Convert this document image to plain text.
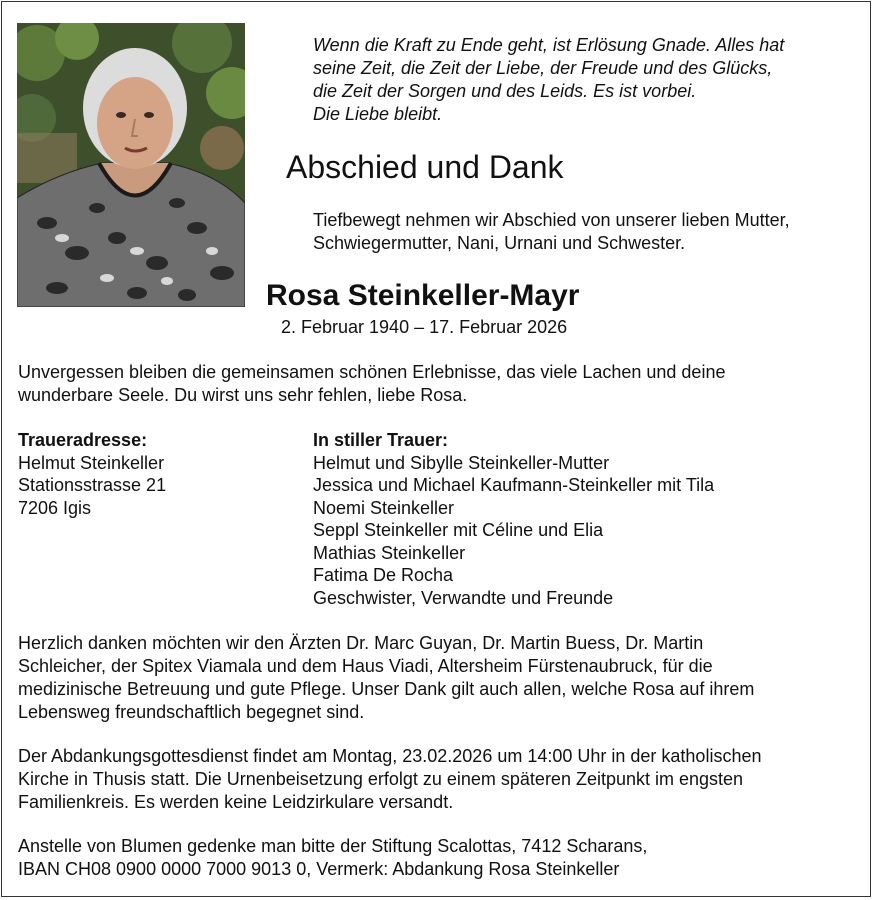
Wenn die Kraft zu Ende geht, ist Erlösung Gnade. Alles hat
seine Zeit, die Zeit der Liebe, der Freude und des Glücks,
die Zeit der Sorgen und des Leids. Es ist vorbei.
Die Liebe bleibt.
Abschied und Dank
Tiefbewegt nehmen wir Abschied von unserer lieben Mutter,
Schwiegermutter, Nani, Urnani und Schwester.
Rosa Steinkeller-Mayr
2. Februar 1940 – 17. Februar 2026
Unvergessen bleiben die gemeinsamen schönen Erlebnisse, das viele Lachen und deine
wunderbare Seele. Du wirst uns sehr fehlen, liebe Rosa.
Traueradresse:
Helmut Steinkeller
Stationsstrasse 21
7206 Igis
In stiller Trauer:
Helmut und Sibylle Steinkeller-Mutter
Jessica und Michael Kaufmann-Steinkeller mit Tila
Noemi Steinkeller
Seppl Steinkeller mit Céline und Elia
Mathias Steinkeller
Fatima De Rocha
Geschwister, Verwandte und Freunde
Herzlich danken möchten wir den Ärzten Dr. Marc Guyan, Dr. Martin Buess, Dr. Martin
Schleicher, der Spitex Viamala und dem Haus Viadi, Altersheim Fürstenaubruck, für die
medizinische Betreuung und gute Pflege. Unser Dank gilt auch allen, welche Rosa auf ihrem
Lebensweg freundschaftlich begegnet sind.
Der Abdankungsgottesdienst findet am Montag, 23.02.2026 um 14:00 Uhr in der katholischen
Kirche in Thusis statt. Die Urnenbeisetzung erfolgt zu einem späteren Zeitpunkt im engsten
Familienkreis. Es werden keine Leidzirkulare versandt.
Anstelle von Blumen gedenke man bitte der Stiftung Scalottas, 7412 Scharans,
IBAN CH08 0900 0000 7000 9013 0, Vermerk: Abdankung Rosa Steinkeller
